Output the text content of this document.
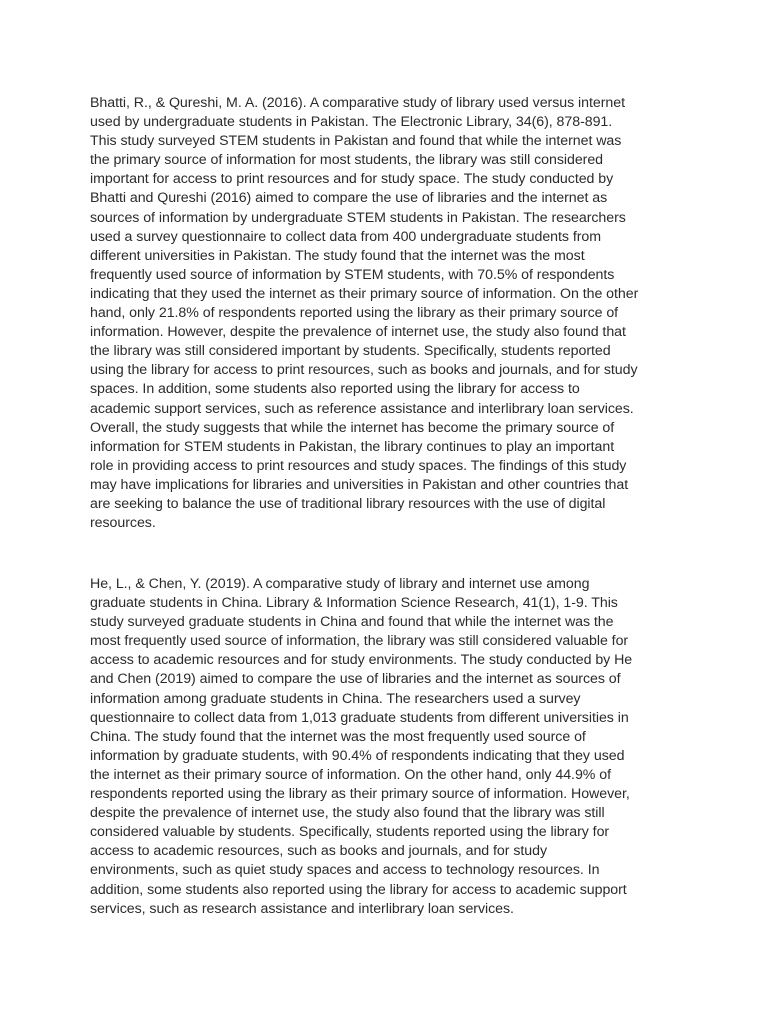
Bhatti, R., & Qureshi, M. A. (2016). A comparative study of library used versus internet
used by undergraduate students in Pakistan. The Electronic Library, 34(6), 878-891.
This study surveyed STEM students in Pakistan and found that while the internet was
the primary source of information for most students, the library was still considered
important for access to print resources and for study space. The study conducted by
Bhatti and Qureshi (2016) aimed to compare the use of libraries and the internet as
sources of information by undergraduate STEM students in Pakistan. The researchers
used a survey questionnaire to collect data from 400 undergraduate students from
different universities in Pakistan. The study found that the internet was the most
frequently used source of information by STEM students, with 70.5% of respondents
indicating that they used the internet as their primary source of information. On the other
hand, only 21.8% of respondents reported using the library as their primary source of
information. However, despite the prevalence of internet use, the study also found that
the library was still considered important by students. Specifically, students reported
using the library for access to print resources, such as books and journals, and for study
spaces. In addition, some students also reported using the library for access to
academic support services, such as reference assistance and interlibrary loan services.
Overall, the study suggests that while the internet has become the primary source of
information for STEM students in Pakistan, the library continues to play an important
role in providing access to print resources and study spaces. The findings of this study
may have implications for libraries and universities in Pakistan and other countries that
are seeking to balance the use of traditional library resources with the use of digital
resources.
He, L., & Chen, Y. (2019). A comparative study of library and internet use among
graduate students in China. Library & Information Science Research, 41(1), 1-9. This
study surveyed graduate students in China and found that while the internet was the
most frequently used source of information, the library was still considered valuable for
access to academic resources and for study environments. The study conducted by He
and Chen (2019) aimed to compare the use of libraries and the internet as sources of
information among graduate students in China. The researchers used a survey
questionnaire to collect data from 1,013 graduate students from different universities in
China. The study found that the internet was the most frequently used source of
information by graduate students, with 90.4% of respondents indicating that they used
the internet as their primary source of information. On the other hand, only 44.9% of
respondents reported using the library as their primary source of information. However,
despite the prevalence of internet use, the study also found that the library was still
considered valuable by students. Specifically, students reported using the library for
access to academic resources, such as books and journals, and for study
environments, such as quiet study spaces and access to technology resources. In
addition, some students also reported using the library for access to academic support
services, such as research assistance and interlibrary loan services.
